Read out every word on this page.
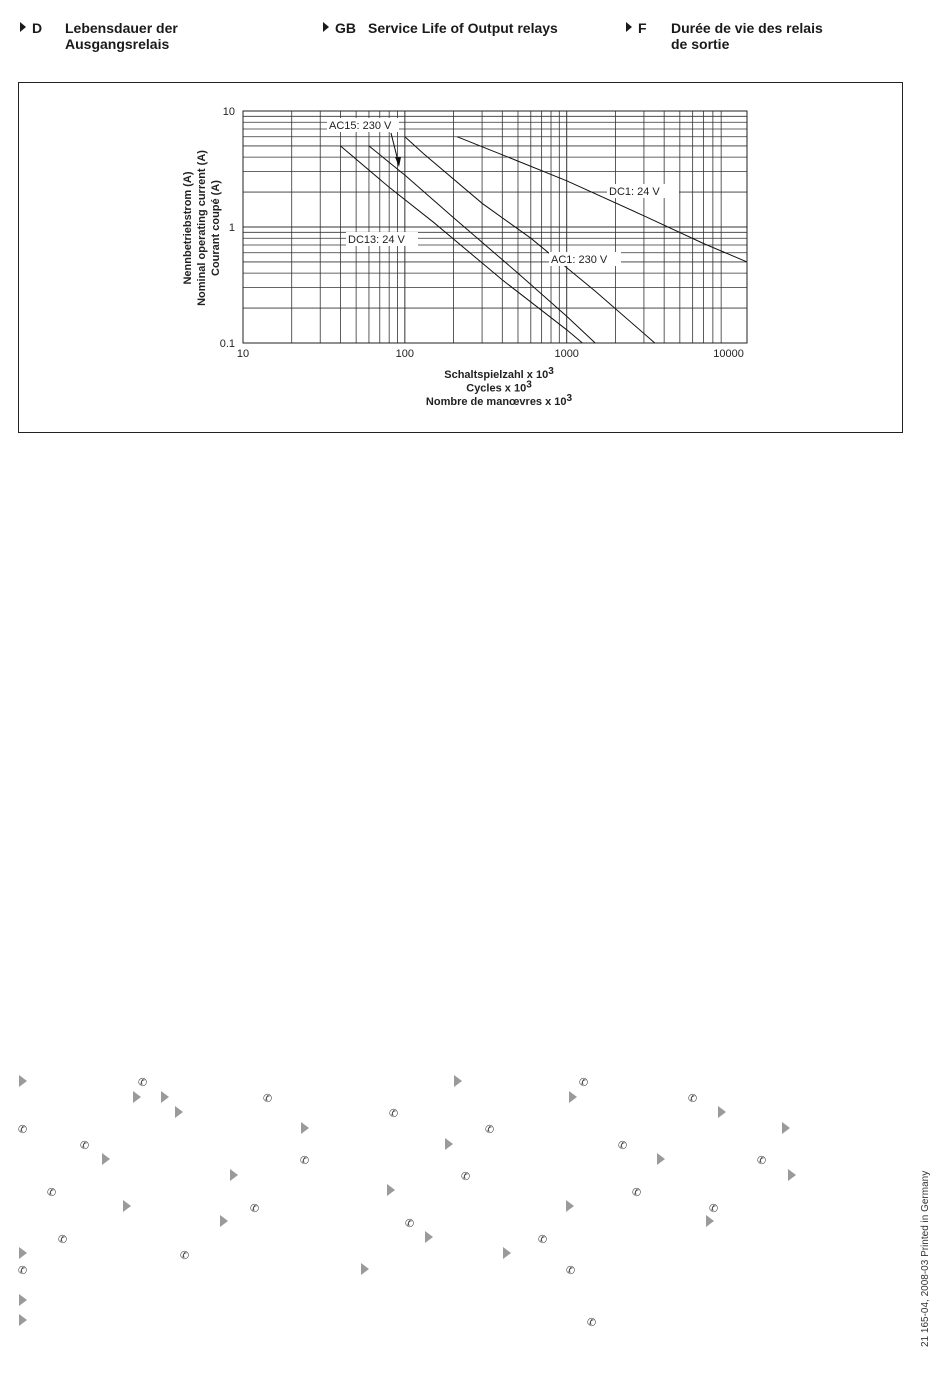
D Lebensdauer der
Ausgangsrelais
GB Service Life of Output relays	F Durée de vie des relais
de sortie
10	100	1000	10000
0.1
1
10
Nennbetriebstrom (A) Nominal operating current (A) Courant coupé (A)
Schaltspielzahl x 103
Cycles x 103
Nombre de manœvres x 103
AC15: 230 V
DC1: 24 V
DC13: 24 V
AC1: 230 V
✆
✆	✆
✆
✆
✆	✆
✆	✆
✆	✆
✆
✆	✆
✆	✆
✆
✆	✆
✆
✆	✆
✆	21 165-04, 2008-03 Printed in Germany
